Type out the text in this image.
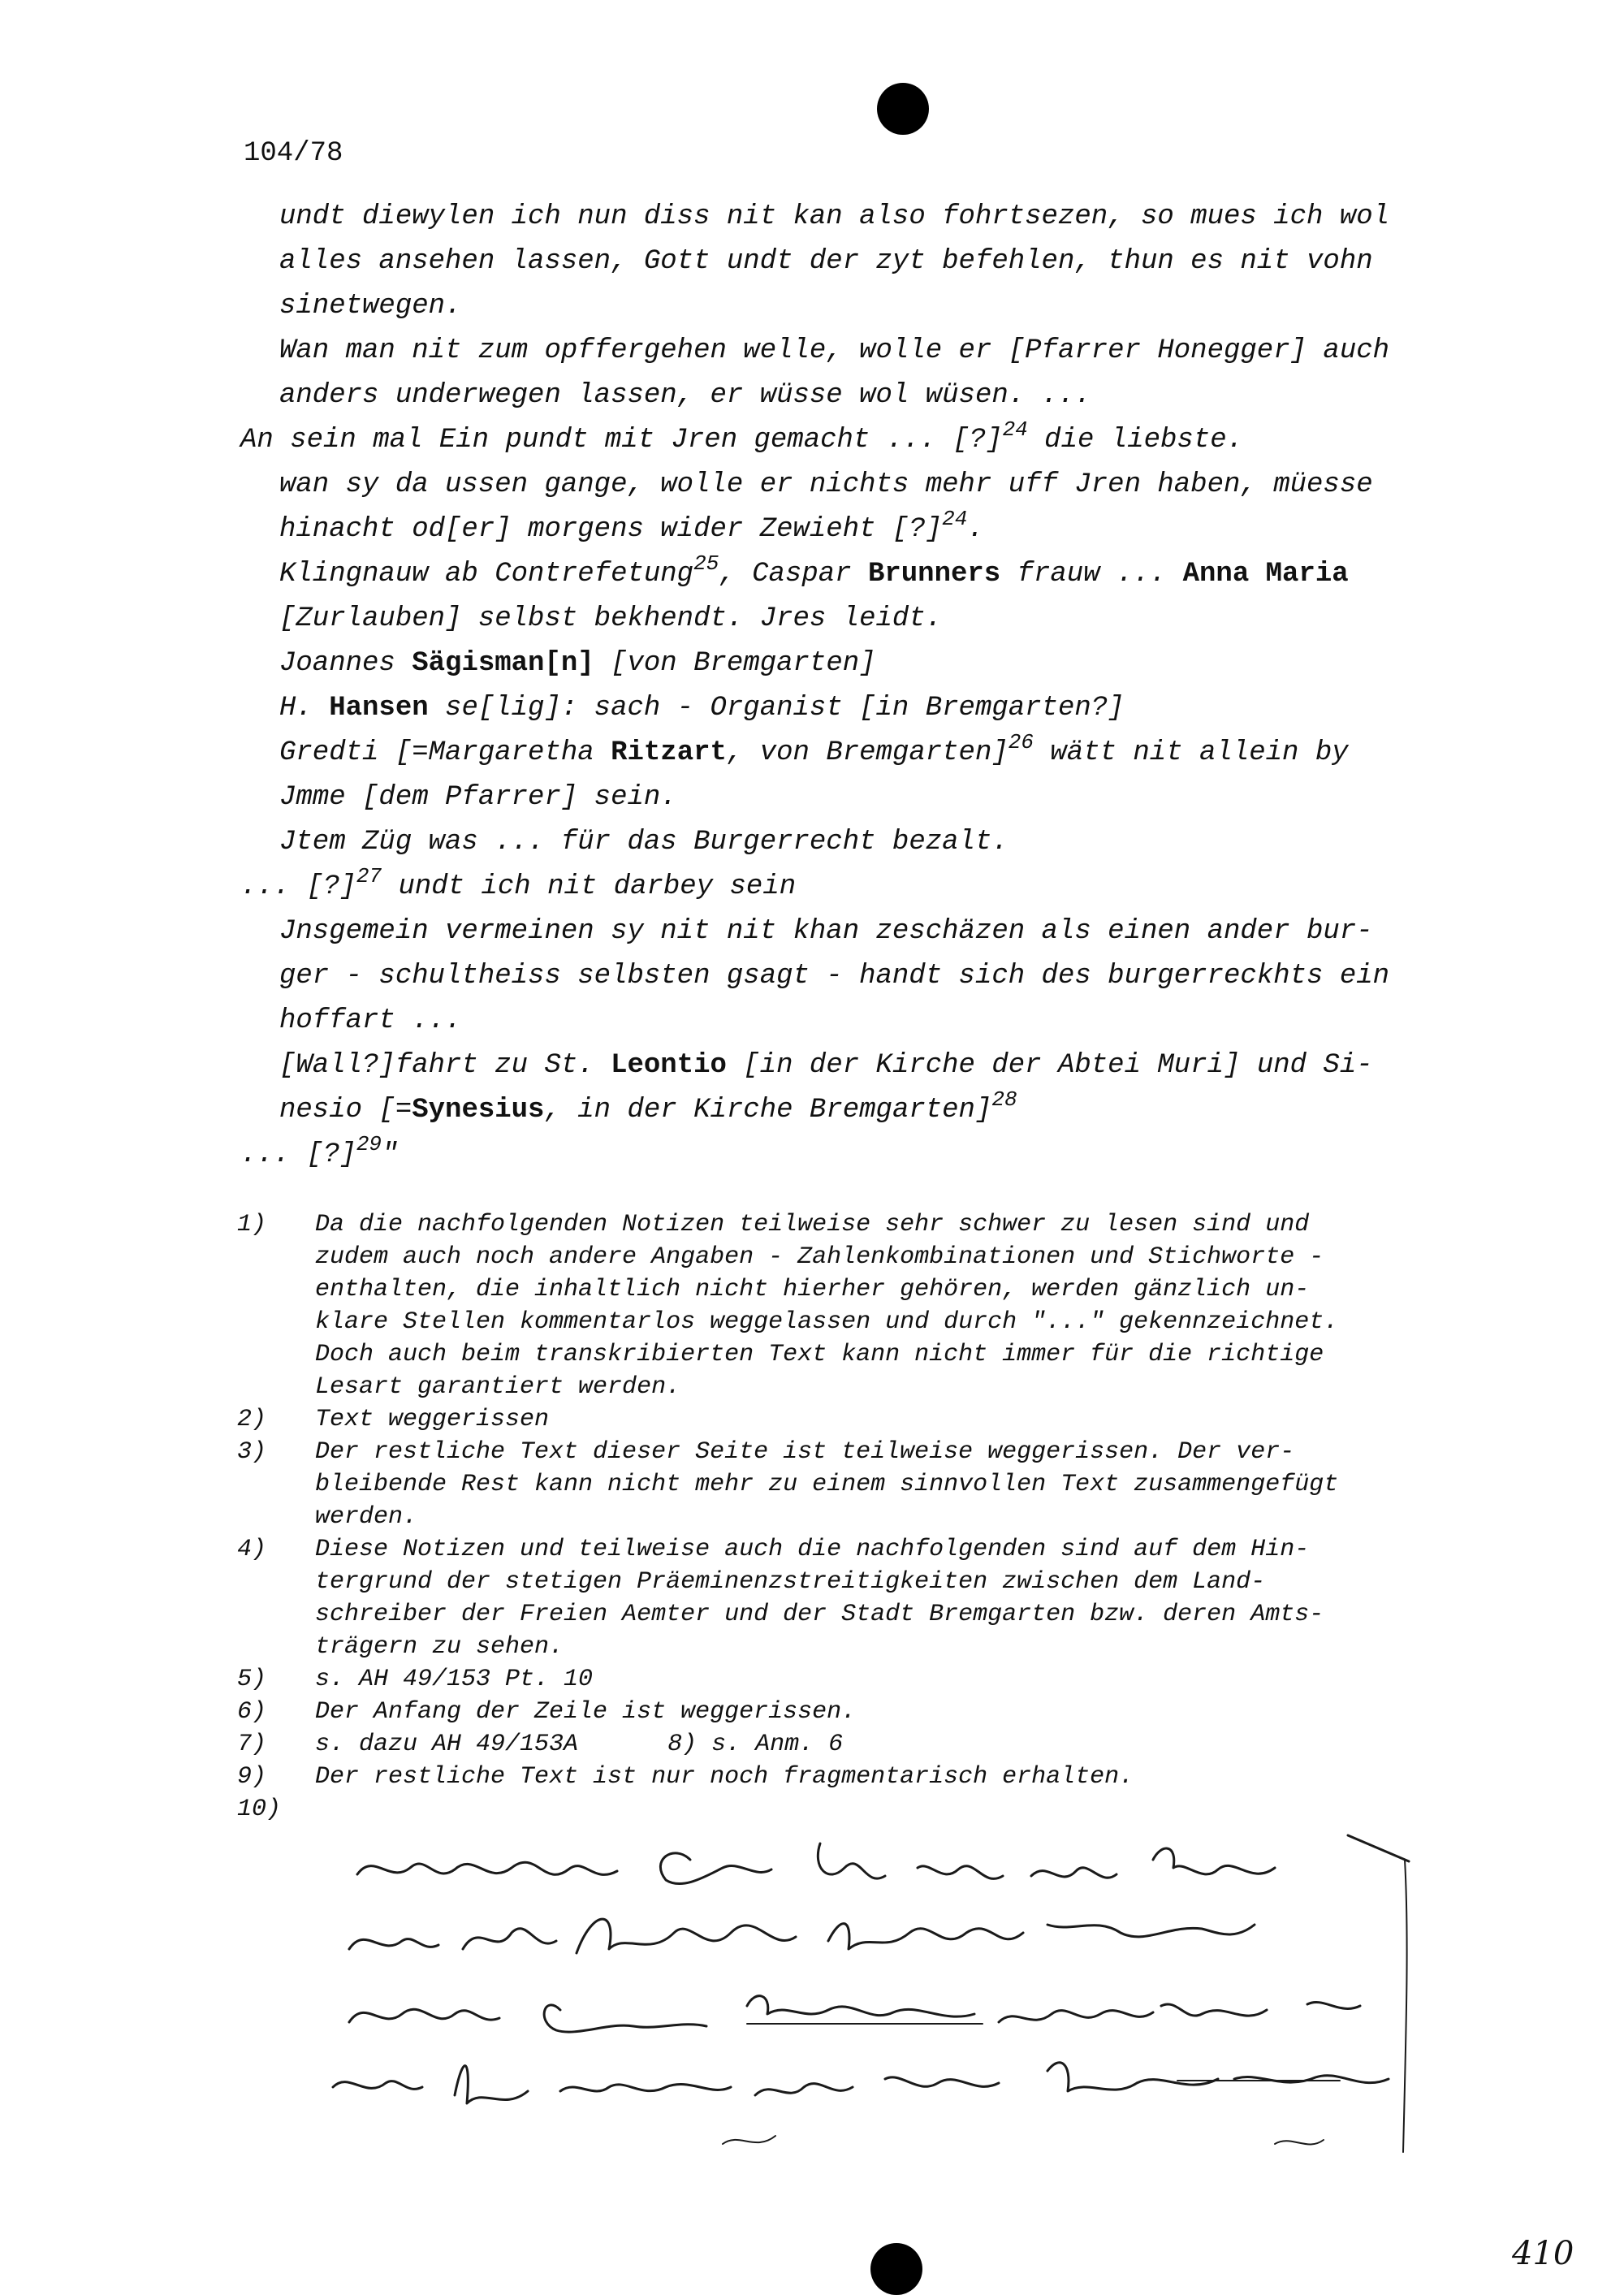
104/78
undt diewylen ich nun diss nit kan also fohrtsezen, so mues ich wol
alles ansehen lassen, Gott undt der zyt befehlen, thun es nit vohn
sinetwegen.
Wan man nit zum opffergehen welle, wolle er [Pfarrer Honegger] auch
anders underwegen lassen, er wüsse wol wüsen. ...
An sein mal Ein pundt mit Jren gemacht ... [?]$^{24}$ die liebste.
wan sy da ussen gange, wolle er nichts mehr uff Jren haben, müesse
hinacht od[er] morgens wider Zewieht [?]$^{24}$.
Klingnauw ab Contrefetung$^{25}$, Caspar Brunners frauw ... Anna Maria
[Zurlauben] selbst bekhendt. Jres leidt.
Joannes Sägisman[n] [von Bremgarten]
H. Hansen se[lig]: sach - Organist [in Bremgarten?]
Gredti [=Margaretha Ritzart, von Bremgarten]$^{26}$ wätt nit allein by
Jmme [dem Pfarrer] sein.
Jtem Züg was ... für das Burgerrecht bezalt.
... [?]$^{27}$ undt ich nit darbey sein
Jnsgemein vermeinen sy nit nit khan zeschäzen als einen ander bur-
ger - schultheiss selbsten gsagt - handt sich des burgerreckhts ein
hoffart ...
[Wall?]fahrt zu St. Leontio [in der Kirche der Abtei Muri] und Si-
nesio [=Synesius, in der Kirche Bremgarten]$^{28}$
... [?]$^{29}$"
1)	Da die nachfolgenden Notizen teilweise sehr schwer zu lesen sind und
zudem auch noch andere Angaben - Zahlenkombinationen und Stichworte -
enthalten, die inhaltlich nicht hierher gehören, werden gänzlich un-
klare Stellen kommentarlos weggelassen und durch "..." gekennzeichnet.
Doch auch beim transkribierten Text kann nicht immer für die richtige
Lesart garantiert werden.
2)	Text weggerissen
3)	Der restliche Text dieser Seite ist teilweise weggerissen. Der ver-
bleibende Rest kann nicht mehr zu einem sinnvollen Text zusammengefügt
werden.
4)	Diese Notizen und teilweise auch die nachfolgenden sind auf dem Hin-
tergrund der stetigen Präeminenzstreitigkeiten zwischen dem Land-
schreiber der Freien Aemter und der Stadt Bremgarten bzw. deren Amts-
trägern zu sehen.
5)	s. AH 49/153 Pt. 10
6)	Der Anfang der Zeile ist weggerissen.
7)	s. dazu AH 49/153A	8) s. Anm. 6
9)	Der restliche Text ist nur noch fragmentarisch erhalten.
10)
410
